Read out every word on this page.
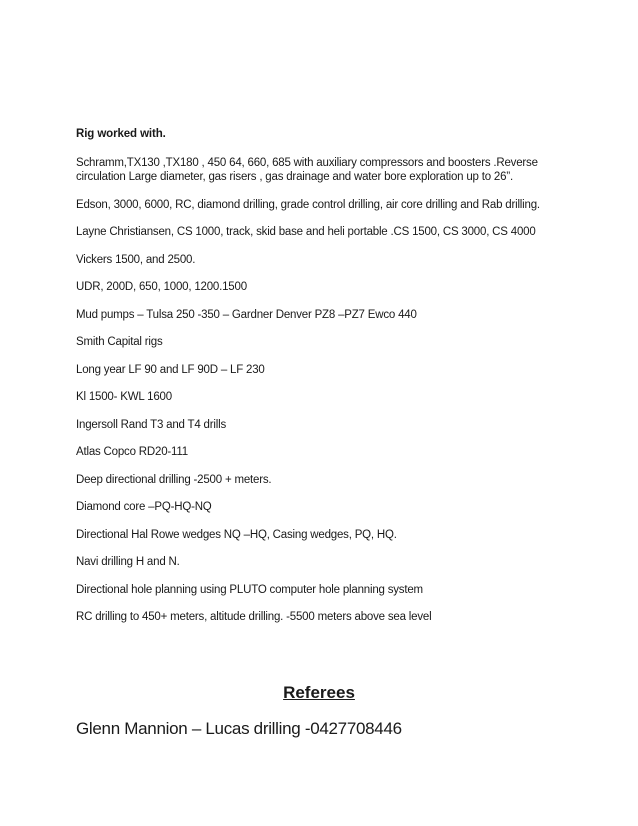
Rig worked with.

Schramm,TX130 ,TX180 , 450 64, 660, 685 with auxiliary compressors and boosters .Reverse circulation Large diameter, gas risers , gas drainage and water bore exploration up to 26”.

Edson, 3000, 6000, RC, diamond drilling, grade control drilling, air core drilling and Rab drilling.

Layne Christiansen, CS 1000, track, skid base and heli portable .CS 1500, CS 3000, CS 4000

Vickers 1500, and 2500.

UDR, 200D, 650, 1000, 1200.1500

Mud pumps – Tulsa 250 -350 – Gardner Denver PZ8 –PZ7 Ewco 440

Smith Capital rigs

Long year LF 90 and LF 90D – LF 230

Kl 1500- KWL 1600

Ingersoll Rand T3 and T4 drills

Atlas Copco RD20-111

Deep directional drilling -2500 + meters.

Diamond core –PQ-HQ-NQ

Directional Hal Rowe wedges NQ –HQ, Casing wedges, PQ, HQ.

Navi drilling H and N.

Directional hole planning using PLUTO computer hole planning system

RC drilling to 450+ meters, altitude drilling. -5500 meters above sea level

Referees
Glenn Mannion – Lucas drilling -0427708446
